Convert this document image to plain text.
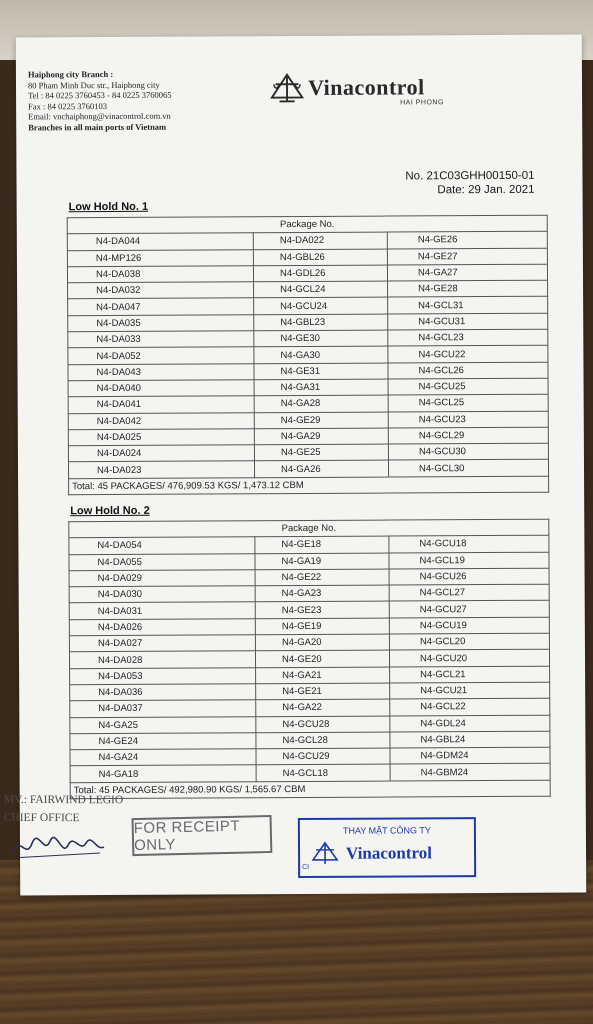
Haiphong city Branch :
80 Pham Minh Duc str., Haiphong city
Tel : 84 0225 3760453 - 84 0225 3760065
Fax : 84 0225 3760103
Email: vnchaiphong@vinacontrol.com.vn
Branches in all main ports of Vietnam
Vinacontrol
HAI PHONG
No. 21C03GHH00150-01
Date: 29 Jan. 2021
Low Hold No. 1
Package No.		
N4-DA044	N4-DA022	N4-GE26
N4-MP126	N4-GBL26	N4-GE27
N4-DA038	N4-GDL26	N4-GA27
N4-DA032	N4-GCL24	N4-GE28
N4-DA047	N4-GCU24	N4-GCL31
N4-DA035	N4-GBL23	N4-GCU31
N4-DA033	N4-GE30	N4-GCL23
N4-DA052	N4-GA30	N4-GCU22
N4-DA043	N4-GE31	N4-GCL26
N4-DA040	N4-GA31	N4-GCU25
N4-DA041	N4-GA28	N4-GCL25
N4-DA042	N4-GE29	N4-GCU23
N4-DA025	N4-GA29	N4-GCL29
N4-DA024	N4-GE25	N4-GCU30
N4-DA023	N4-GA26	N4-GCL30
Total: 45 PACKAGES/ 476,909.53 KGS/ 1,473.12 CBM		
Low Hold No. 2
Package No.		
N4-DA054	N4-GE18	N4-GCU18
N4-DA055	N4-GA19	N4-GCL19
N4-DA029	N4-GE22	N4-GCU26
N4-DA030	N4-GA23	N4-GCL27
N4-DA031	N4-GE23	N4-GCU27
N4-DA026	N4-GE19	N4-GCU19
N4-DA027	N4-GA20	N4-GCL20
N4-DA028	N4-GE20	N4-GCU20
N4-DA053	N4-GA21	N4-GCL21
N4-DA036	N4-GE21	N4-GCU21
N4-DA037	N4-GA22	N4-GCL22
N4-GA25	N4-GCU28	N4-GDL24
N4-GE24	N4-GCL28	N4-GBL24
N4-GA24	N4-GCU29	N4-GDM24
N4-GA18	N4-GCL18	N4-GBM24
Total: 45 PACKAGES/ 492,980.90 KGS/ 1,565.67 CBM		
MV.: FAIRWIND LEGIO
CHIEF OFFICE	FOR RECEIPT ONLY
THAY MẶT CÔNG TY
Vinacontrol
CI
